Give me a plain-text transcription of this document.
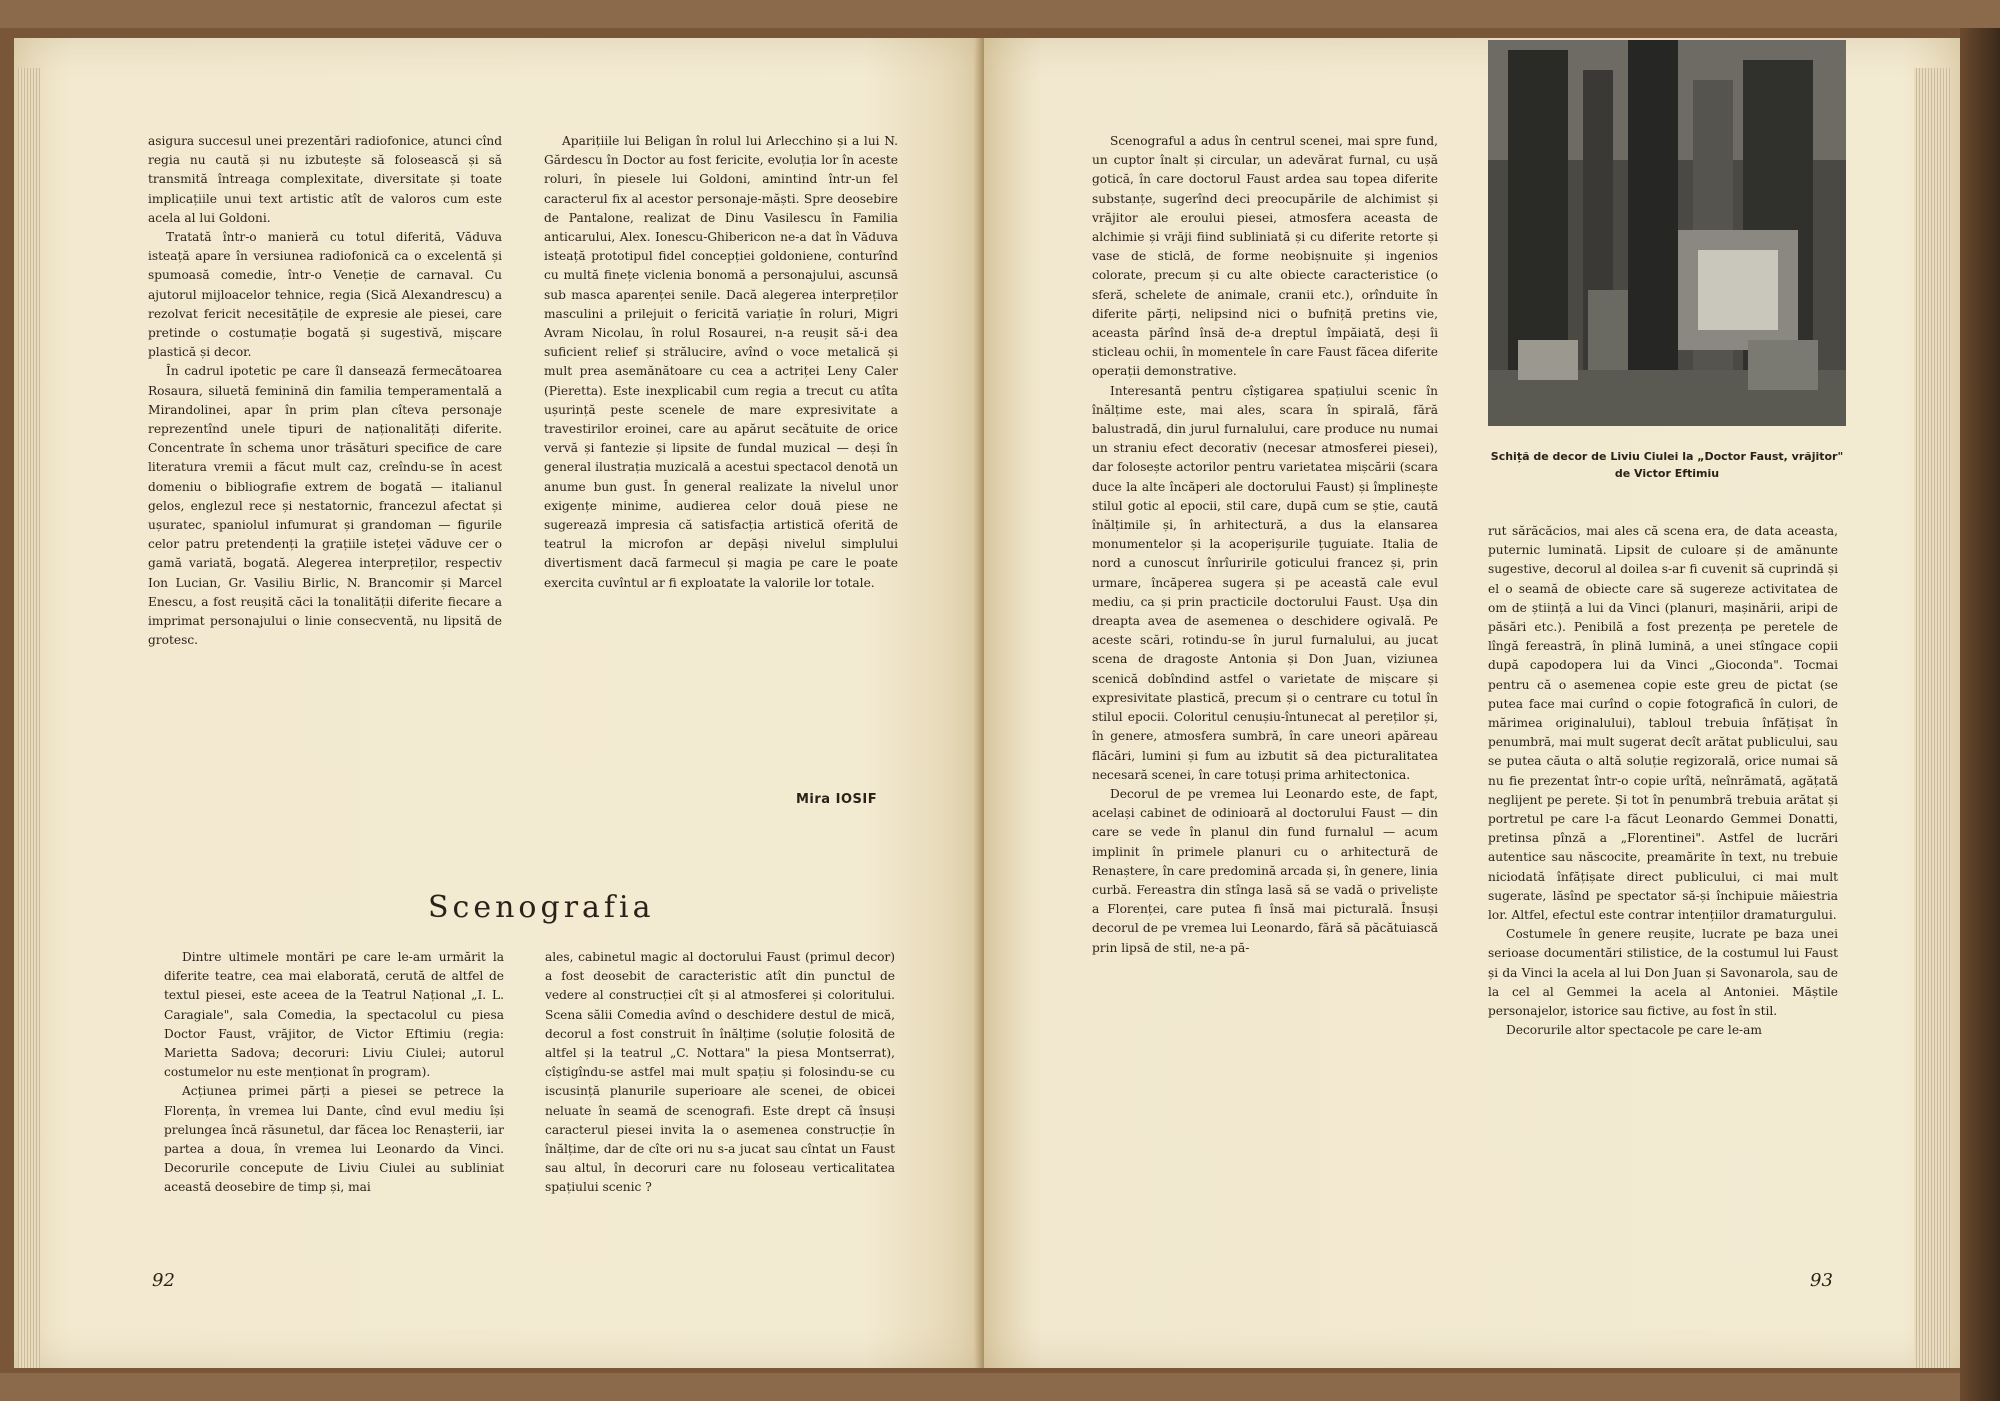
asigura succesul unei prezentări radiofonice, atunci cînd regia nu caută și nu izbutește să folosească și să transmită întreaga complexitate, diversitate și toate implicațiile unui text artistic atît de valoros cum este acela al lui Goldoni.

Tratată într-o manieră cu totul diferită, Văduva isteață apare în versiunea radiofonică ca o excelentă și spumoasă comedie, într-o Veneție de carnaval. Cu ajutorul mijloacelor tehnice, regia (Sică Alexandrescu) a rezolvat fericit necesitățile de expresie ale piesei, care pretinde o costumație bogată și sugestivă, mișcare plastică și decor.

În cadrul ipotetic pe care îl dansează fermecătoarea Rosaura, siluetă feminină din familia temperamentală a Mirandolinei, apar în prim plan cîteva personaje reprezentînd unele tipuri de naționalități diferite. Concentrate în schema unor trăsături specifice de care literatura vremii a făcut mult caz, creîndu-se în acest domeniu o bibliografie extrem de bogată — italianul gelos, englezul rece și nestatornic, francezul afectat și ușuratec, spaniolul infumurat și grandoman — figurile celor patru pretendenți la grațiile isteței văduve cer o gamă variată, bogată. Alegerea interpreților, respectiv Ion Lucian, Gr. Vasiliu Birlic, N. Brancomir și Marcel Enescu, a fost reușită căci la tonalității diferite fiecare a imprimat personajului o linie consecventă, nu lipsită de grotesc.

Aparițiile lui Beligan în rolul lui Arlecchino și a lui N. Gărdescu în Doctor au fost fericite, evoluția lor în aceste roluri, în piesele lui Goldoni, amintind într-un fel caracterul fix al acestor personaje-măști. Spre deosebire de Pantalone, realizat de Dinu Vasilescu în Familia anticarului, Alex. Ionescu-Ghibericon ne-a dat în Văduva isteață prototipul fidel concepției goldoniene, conturînd cu multă finețe viclenia bonomă a personajului, ascunsă sub masca aparenței senile. Dacă alegerea interpreților masculini a prilejuit o fericită variație în roluri, Migri Avram Nicolau, în rolul Rosaurei, n-a reușit să-i dea suficient relief și strălucire, avînd o voce metalică și mult prea asemănătoare cu cea a actriței Leny Caler (Pieretta). Este inexplicabil cum regia a trecut cu atîta ușurință peste scenele de mare expresivitate a travestirilor eroinei, care au apărut secătuite de orice vervă și fantezie și lipsite de fundal muzical — deși în general ilustrația muzicală a acestui spectacol denotă un anume bun gust. În general realizate la nivelul unor exigențe minime, audierea celor două piese ne sugerează impresia că satisfacția artistică oferită de teatrul la microfon ar depăși nivelul simplului divertisment dacă farmecul și magia pe care le poate exercita cuvîntul ar fi exploatate la valorile lor totale.

Mira IOSIF
Scenografia

Dintre ultimele montări pe care le-am urmărit la diferite teatre, cea mai elaborată, cerută de altfel de textul piesei, este aceea de la Teatrul Național „I. L. Caragiale", sala Comedia, la spectacolul cu piesa Doctor Faust, vrăjitor, de Victor Eftimiu (regia: Marietta Sadova; decoruri: Liviu Ciulei; autorul costumelor nu este menționat în program).

Acțiunea primei părți a piesei se petrece la Florența, în vremea lui Dante, cînd evul mediu își prelungea încă răsunetul, dar făcea loc Renașterii, iar partea a doua, în vremea lui Leonardo da Vinci. Decorurile concepute de Liviu Ciulei au subliniat această deosebire de timp și, mai

ales, cabinetul magic al doctorului Faust (primul decor) a fost deosebit de caracteristic atît din punctul de vedere al construcției cît și al atmosferei și coloritului. Scena sălii Comedia avînd o deschidere destul de mică, decorul a fost construit în înălțime (soluție folosită de altfel și la teatrul „C. Nottara" la piesa Montserrat), cîștigîndu-se astfel mai mult spațiu și folosindu-se cu iscusință planurile superioare ale scenei, de obicei neluate în seamă de scenografi. Este drept că însuși caracterul piesei invita la o asemenea construcție în înălțime, dar de cîte ori nu s-a jucat sau cîntat un Faust sau altul, în decoruri care nu foloseau verticalitatea spațiului scenic ?

92

Scenograful a adus în centrul scenei, mai spre fund, un cuptor înalt și circular, un adevărat furnal, cu ușă gotică, în care doctorul Faust ardea sau topea diferite substanțe, sugerînd deci preocupările de alchimist și vrăjitor ale eroului piesei, atmosfera aceasta de alchimie și vrăji fiind subliniată și cu diferite retorte și vase de sticlă, de forme neobișnuite și ingenios colorate, precum și cu alte obiecte caracteristice (o sferă, schelete de animale, cranii etc.), orînduite în diferite părți, nelipsind nici o bufniță pretins vie, aceasta părînd însă de-a dreptul împăiată, deși îi sticleau ochii, în momentele în care Faust făcea diferite operații demonstrative.

Interesantă pentru cîștigarea spațiului scenic în înălțime este, mai ales, scara în spirală, fără balustradă, din jurul furnalului, care produce nu numai un straniu efect decorativ (necesar atmosferei piesei), dar folosește actorilor pentru varietatea mișcării (scara duce la alte încăperi ale doctorului Faust) și împlinește stilul gotic al epocii, stil care, după cum se știe, caută înălțimile și, în arhitectură, a dus la elansarea monumentelor și la acoperișurile țuguiate. Italia de nord a cunoscut înrîuririle goticului francez și, prin urmare, încăperea sugera și pe această cale evul mediu, ca și prin practicile doctorului Faust. Ușa din dreapta avea de asemenea o deschidere ogivală. Pe aceste scări, rotindu-se în jurul furnalului, au jucat scena de dragoste Antonia și Don Juan, viziunea scenică dobîndind astfel o varietate de mișcare și expresivitate plastică, precum și o centrare cu totul în stilul epocii. Coloritul cenușiu-întunecat al pereților și, în genere, atmosfera sumbră, în care uneori apăreau flăcări, lumini și fum au izbutit să dea picturalitatea necesară scenei, în care totuși prima arhitectonica.

Decorul de pe vremea lui Leonardo este, de fapt, același cabinet de odinioară al doctorului Faust — din care se vede în planul din fund furnalul — acum implinit în primele planuri cu o arhitectură de Renaștere, în care predomină arcada și, în genere, linia curbă. Fereastra din stînga lasă să se vadă o priveliște a Florenței, care putea fi însă mai picturală. Însuși decorul de pe vremea lui Leonardo, fără să păcătuiască prin lipsă de stil, ne-a pă-

rut sărăcăcios, mai ales că scena era, de data aceasta, puternic luminată. Lipsit de culoare și de amănunte sugestive, decorul al doilea s-ar fi cuvenit să cuprindă și el o seamă de obiecte care să sugereze activitatea de om de știință a lui da Vinci (planuri, mașinării, aripi de păsări etc.). Penibilă a fost prezența pe peretele de lîngă fereastră, în plină lumină, a unei stîngace copii după capodopera lui da Vinci „Gioconda". Tocmai pentru că o asemenea copie este greu de pictat (se putea face mai curînd o copie fotografică în culori, de mărimea originalului), tabloul trebuia înfățișat în penumbră, mai mult sugerat decît arătat publicului, sau se putea căuta o altă soluție regizorală, orice numai să nu fie prezentat într-o copie urîtă, neînrămată, agățată neglijent pe perete. Și tot în penumbră trebuia arătat și portretul pe care l-a făcut Leonardo Gemmei Donatti, pretinsa pînză a „Florentinei". Astfel de lucrări autentice sau născocite, preamărite în text, nu trebuie niciodată înfățișate direct publicului, ci mai mult sugerate, lăsînd pe spectator să-și închipuie măiestria lor. Altfel, efectul este contrar intențiilor dramaturgului.

Costumele în genere reușite, lucrate pe baza unei serioase documentări stilistice, de la costumul lui Faust și da Vinci la acela al lui Don Juan și Savonarola, sau de la cel al Gemmei la acela al Antoniei. Măștile personajelor, istorice sau fictive, au fost în stil.

Decorurile altor spectacole pe care le-am

93
Schiță de decor de Liviu Ciulei la „Doctor Faust, vrăjitor" de Victor Eftimiu
